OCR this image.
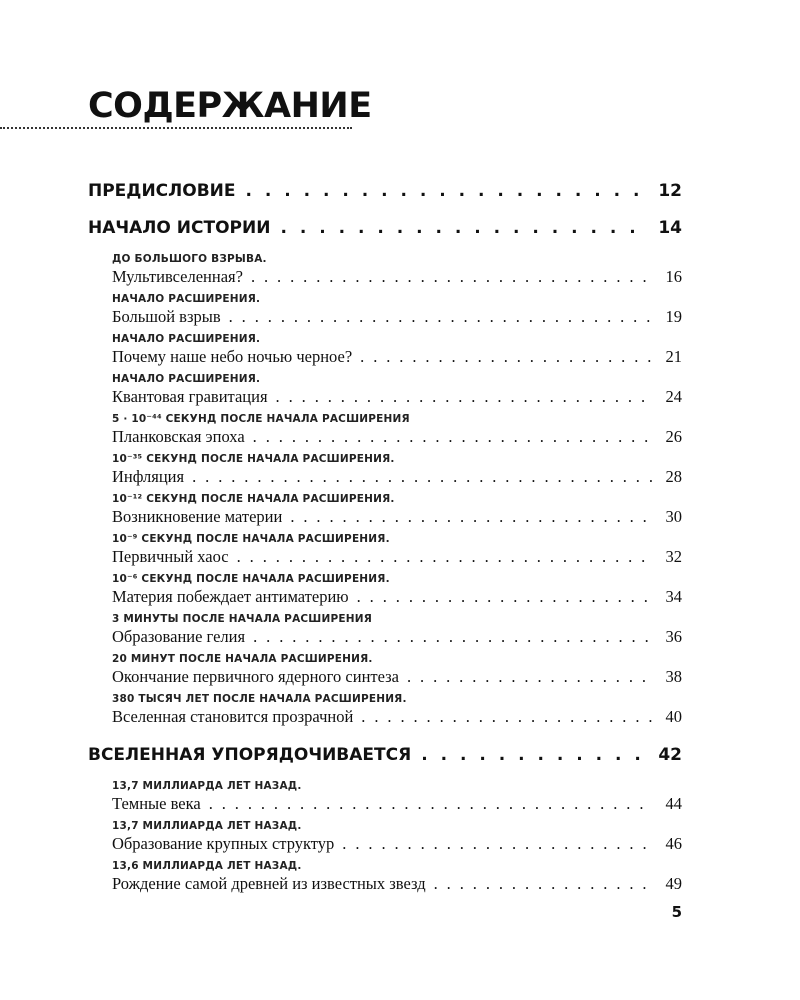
СОДЕРЖАНИЕ
ПРЕДИСЛОВИЕ . . .	12
НАЧАЛО ИСТОРИИ . . .	14
ДО БОЛЬШОГО ВЗРЫВА.
Мультивселенная? . . .	16
НАЧАЛО РАСШИРЕНИЯ.
Большой взрыв . . .	19
НАЧАЛО РАСШИРЕНИЯ.
Почему наше небо ночью черное? . . .	21
НАЧАЛО РАСШИРЕНИЯ.
Квантовая гравитация . . .	24
5 · 10⁻⁴⁴ СЕКУНД ПОСЛЕ НАЧАЛА РАСШИРЕНИЯ
Планковская эпоха . . .	26
10⁻³⁵ СЕКУНД ПОСЛЕ НАЧАЛА РАСШИРЕНИЯ.
Инфляция . . .	28
10⁻¹² СЕКУНД ПОСЛЕ НАЧАЛА РАСШИРЕНИЯ.
Возникновение материи . . .	30
10⁻⁹ СЕКУНД ПОСЛЕ НАЧАЛА РАСШИРЕНИЯ.
Первичный хаос . . .	32
10⁻⁶ СЕКУНД ПОСЛЕ НАЧАЛА РАСШИРЕНИЯ.
Материя побеждает антиматерию . . .	34
3 МИНУТЫ ПОСЛЕ НАЧАЛА РАСШИРЕНИЯ
Образование гелия . . .	36
20 МИНУТ ПОСЛЕ НАЧАЛА РАСШИРЕНИЯ.
Окончание первичного ядерного синтеза . . .	38
380 ТЫСЯЧ ЛЕТ ПОСЛЕ НАЧАЛА РАСШИРЕНИЯ.
Вселенная становится прозрачной . . .	40
ВСЕЛЕННАЯ УПОРЯДОЧИВАЕТСЯ . . .	42
13,7 МИЛЛИАРДА ЛЕТ НАЗАД.
Темные века . . .	44
13,7 МИЛЛИАРДА ЛЕТ НАЗАД.
Образование крупных структур . . .	46
13,6 МИЛЛИАРДА ЛЕТ НАЗАД.
Рождение самой древней из известных звезд . . .	49
5
